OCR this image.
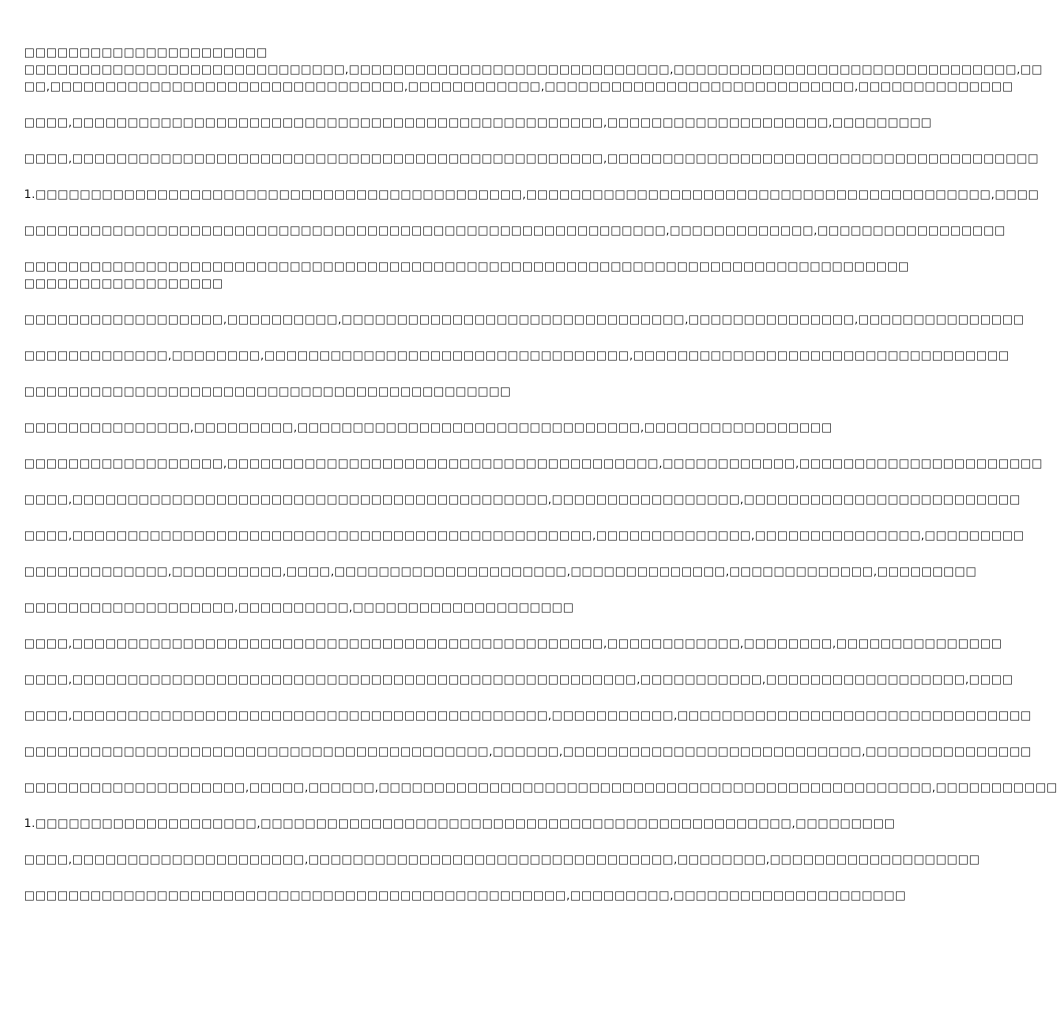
□□□□□□□□□□□□□□□□□□□□□□
□□□□□□□□□□□□□□□□□□□□□□□□□□□□□,□□□□□□□□□□□□□□□□□□□□□□□□□□□□□,□□□□□□□□□□□□□□□□□□□□□□□□□□□□□□□,□□
□□,□□□□□□□□□□□□□□□□□□□□□□□□□□□□□□□□,□□□□□□□□□□□□,□□□□□□□□□□□□□□□□□□□□□□□□□□□□,□□□□□□□□□□□□□□
□□□□,□□□□□□□□□□□□□□□□□□□□□□□□□□□□□□□□□□□□□□□□□□□□□□□□,□□□□□□□□□□□□□□□□□□□□,□□□□□□□□□
□□□□,□□□□□□□□□□□□□□□□□□□□□□□□□□□□□□□□□□□□□□□□□□□□□□□□,□□□□□□□□□□□□□□□□□□□□□□□□□□□□□□□□□□□□□□□
1.□□□□□□□□□□□□□□□□□□□□□□□□□□□□□□□□□□□□□□□□□□□□,□□□□□□□□□□□□□□□□□□□□□□□□□□□□□□□□□□□□□□□□□□,□□□□
□□□□□□□□□□□□□□□□□□□□□□□□□□□□□□□□□□□□□□□□□□□□□□□□□□□□□□□□□□,□□□□□□□□□□□□□,□□□□□□□□□□□□□□□□□
□□□□□□□□□□□□□□□□□□□□□□□□□□□□□□□□□□□□□□□□□□□□□□□□□□□□□□□□□□□□□□□□□□□□□□□□□□□□□□□□
□□□□□□□□□□□□□□□□□□
□□□□□□□□□□□□□□□□□□,□□□□□□□□□□,□□□□□□□□□□□□□□□□□□□□□□□□□□□□□□□,□□□□□□□□□□□□□□□,□□□□□□□□□□□□□□□
□□□□□□□□□□□□□,□□□□□□□□,□□□□□□□□□□□□□□□□□□□□□□□□□□□□□□□□□,□□□□□□□□□□□□□□□□□□□□□□□□□□□□□□□□□□
□□□□□□□□□□□□□□□□□□□□□□□□□□□□□□□□□□□□□□□□□□□□
□□□□□□□□□□□□□□□,□□□□□□□□□,□□□□□□□□□□□□□□□□□□□□□□□□□□□□□□□,□□□□□□□□□□□□□□□□□
□□□□□□□□□□□□□□□□□□,□□□□□□□□□□□□□□□□□□□□□□□□□□□□□□□□□□□□□□□,□□□□□□□□□□□□,□□□□□□□□□□□□□□□□□□□□□□
□□□□,□□□□□□□□□□□□□□□□□□□□□□□□□□□□□□□□□□□□□□□□□□□,□□□□□□□□□□□□□□□□□,□□□□□□□□□□□□□□□□□□□□□□□□□
□□□□,□□□□□□□□□□□□□□□□□□□□□□□□□□□□□□□□□□□□□□□□□□□□□□□,□□□□□□□□□□□□□□,□□□□□□□□□□□□□□□,□□□□□□□□□
□□□□□□□□□□□□□,□□□□□□□□□□,□□□□,□□□□□□□□□□□□□□□□□□□□□,□□□□□□□□□□□□□□,□□□□□□□□□□□□□,□□□□□□□□□
□□□□□□□□□□□□□□□□□□□,□□□□□□□□□□,□□□□□□□□□□□□□□□□□□□□
□□□□,□□□□□□□□□□□□□□□□□□□□□□□□□□□□□□□□□□□□□□□□□□□□□□□□,□□□□□□□□□□□□,□□□□□□□□,□□□□□□□□□□□□□□□
□□□□,□□□□□□□□□□□□□□□□□□□□□□□□□□□□□□□□□□□□□□□□□□□□□□□□□□□,□□□□□□□□□□□,□□□□□□□□□□□□□□□□□□,□□□□
□□□□,□□□□□□□□□□□□□□□□□□□□□□□□□□□□□□□□□□□□□□□□□□□,□□□□□□□□□□□,□□□□□□□□□□□□□□□□□□□□□□□□□□□□□□□□
□□□□□□□□□□□□□□□□□□□□□□□□□□□□□□□□□□□□□□□□□□,□□□□□□,□□□□□□□□□□□□□□□□□□□□□□□□□□□,□□□□□□□□□□□□□□□
□□□□□□□□□□□□□□□□□□□□,□□□□□,□□□□□□,□□□□□□□□□□□□□□□□□□□□□□□□□□□□□□□□□□□□□□□□□□□□□□□□□□,□□□□□□□□□□□
1.□□□□□□□□□□□□□□□□□□□□,□□□□□□□□□□□□□□□□□□□□□□□□□□□□□□□□□□□□□□□□□□□□□□□□,□□□□□□□□□
□□□□,□□□□□□□□□□□□□□□□□□□□□,□□□□□□□□□□□□□□□□□□□□□□□□□□□□□□□□□,□□□□□□□□,□□□□□□□□□□□□□□□□□□□
□□□□□□□□□□□□□□□□□□□□□□□□□□□□□□□□□□□□□□□□□□□□□□□□□,□□□□□□□□□,□□□□□□□□□□□□□□□□□□□□□
